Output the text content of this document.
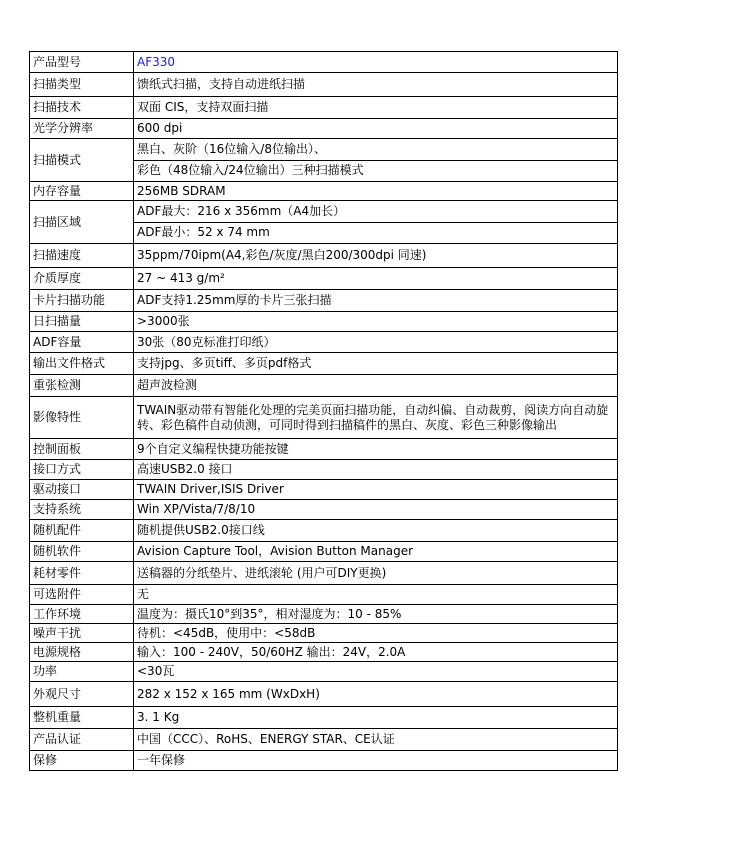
产品型号	AF330
扫描类型	馈纸式扫描，支持自动进纸扫描
扫描技术	双面 CIS，支持双面扫描
光学分辨率	600 dpi
扫描模式	黑白、灰阶（16位输入/8位输出）、
	彩色（48位输入/24位输出）三种扫描模式
内存容量	256MB SDRAM
扫描区域	ADF最大：216 x 356mm（A4加长）
	ADF最小：52 x 74 mm
扫描速度	35ppm/70ipm(A4,彩色/灰度/黑白200/300dpi 同速)
介质厚度	27 ~ 413 g/m²
卡片扫描功能	ADF支持1.25mm厚的卡片三张扫描
日扫描量	>3000张
ADF容量	30张（80克标准打印纸）
输出文件格式	支持jpg、多页tiff、多页pdf格式
重张检测	超声波检测
影像特性	TWAIN驱动带有智能化处理的完美页面扫描功能，自动纠偏、自动裁剪，阅读方向自动旋转、彩色稿件自动侦测，可同时得到扫描稿件的黑白、灰度、彩色三种影像输出
控制面板	9个自定义编程快捷功能按键
接口方式	高速USB2.0 接口
驱动接口	TWAIN Driver,ISIS Driver
支持系统	Win XP/Vista/7/8/10
随机配件	随机提供USB2.0接口线
随机软件	Avision Capture Tool，Avision Button Manager
耗材零件	送稿器的分纸垫片、进纸滚轮 (用户可DIY更换)
可选附件	无
工作环境	温度为：摄氏10°到35°，相对湿度为：10 - 85%
噪声干扰	待机：<45dB，使用中：<58dB
电源规格	输入：100 - 240V，50/60HZ 输出：24V，2.0A
功率	<30瓦
外观尺寸	282 x 152 x 165 mm (WxDxH)
整机重量	3. 1 Kg
产品认证	中国（CCC）、RoHS、ENERGY STAR、CE认证
保修	一年保修
